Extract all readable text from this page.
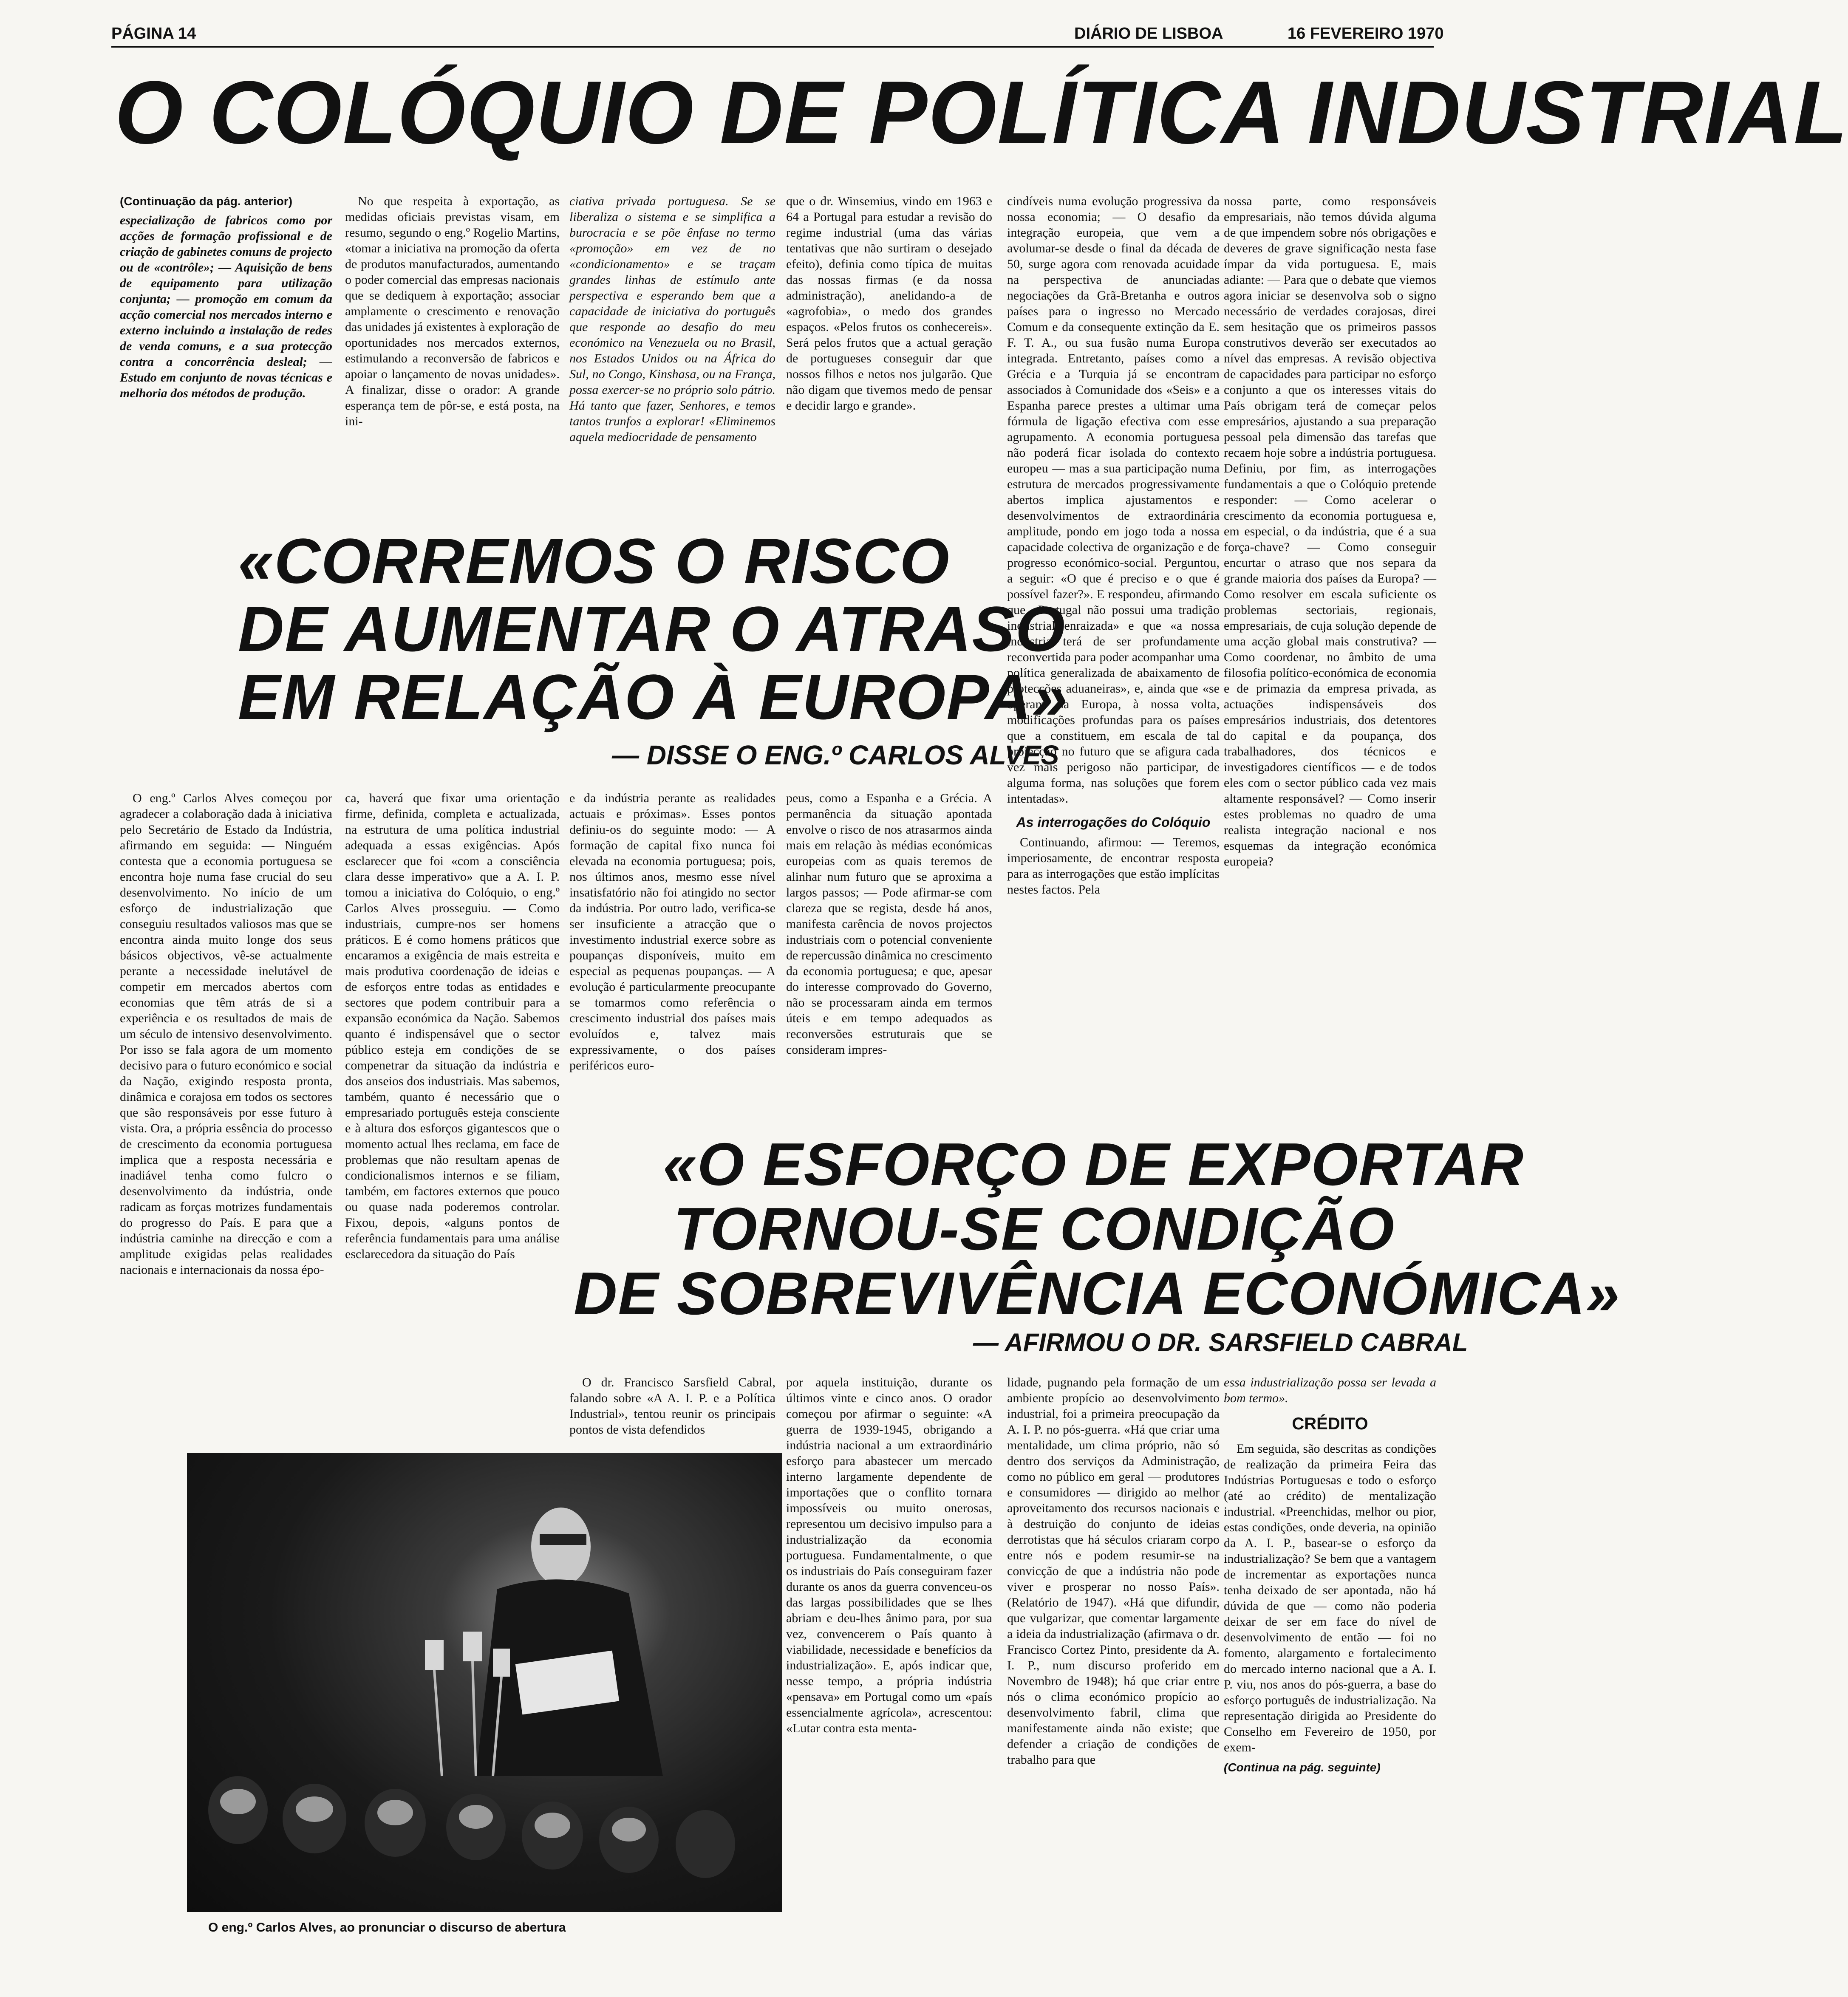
PÁGINA 14	DIÁRIO DE LISBOA	16 FEVEREIRO 1970
O COLÓQUIO DE POLÍTICA INDUSTRIAL

(Continuação da pág. anterior)

especialização de fabricos como por acções de formação profissional e de criação de gabinetes comuns de projecto ou de «contrôle»; — Aquisição de bens de equipamento para utilização conjunta; — promoção em comum da acção comercial nos mercados interno e externo incluindo a instalação de redes de venda comuns, e a sua protecção contra a concorrência desleal; — Estudo em conjunto de novas técnicas e melhoria dos métodos de produção.

No que respeita à exportação, as medidas oficiais previstas visam, em resumo, segundo o eng.º Rogelio Martins, «tomar a iniciativa na promoção da oferta de produtos manufacturados, aumentando o poder comercial das empresas nacionais que se dediquem à exportação; associar amplamente o crescimento e renovação das unidades já existentes à exploração de oportunidades nos mercados externos, estimulando a reconversão de fabricos e apoiar o lançamento de novas unidades». A finalizar, disse o orador: A grande esperança tem de pôr-se, e está posta, na ini-

ciativa privada portuguesa. Se se liberaliza o sistema e se simplifica a burocracia e se põe ênfase no termo «promoção» em vez de no «condicionamento» e se traçam grandes linhas de estímulo ante perspectiva e esperando bem que a capacidade de iniciativa do português que responde ao desafio do meu económico na Venezuela ou no Brasil, nos Estados Unidos ou na África do Sul, no Congo, Kinshasa, ou na França, possa exercer-se no próprio solo pátrio. Há tanto que fazer, Senhores, e temos tantos trunfos a explorar! «Eliminemos aquela mediocridade de pensamento

que o dr. Winsemius, vindo em 1963 e 64 a Portugal para estudar a revisão do regime industrial (uma das várias tentativas que não surtiram o desejado efeito), definia como típica de muitas das nossas firmas (e da nossa administração), anelidando-a de «agrofobia», o medo dos grandes espaços. «Pelos frutos os conhecereis». Será pelos frutos que a actual geração de portugueses conseguir dar que nossos filhos e netos nos julgarão. Que não digam que tivemos medo de pensar e decidir largo e grande».

cindíveis numa evolução progressiva da nossa economia; — O desafio da integração europeia, que vem a avolumar-se desde o final da década de 50, surge agora com renovada acuidade na perspectiva de anunciadas negociações da Grã-Bretanha e outros países para o ingresso no Mercado Comum e da consequente extinção da E. F. T. A., ou sua fusão numa Europa integrada. Entretanto, países como a Grécia e a Turquia já se encontram associados à Comunidade dos «Seis» e a Espanha parece prestes a ultimar uma fórmula de ligação efectiva com esse agrupamento. A economia portuguesa não poderá ficar isolada do contexto europeu — mas a sua participação numa estrutura de mercados progressivamente abertos implica ajustamentos e desenvolvimentos de extraordinária amplitude, pondo em jogo toda a nossa capacidade colectiva de organização e de progresso económico-social. Perguntou, a seguir: «O que é preciso e o que é possível fazer?». E respondeu, afirmando que «Portugal não possui uma tradição industrial enraizada» e que «a nossa indústria terá de ser profundamente reconvertida para poder acompanhar uma política generalizada de abaixamento de protecções aduaneiras», e, ainda que «se operam na Europa, à nossa volta, modificações profundas para os países que a constituem, em escala de tal projecção no futuro que se afigura cada vez mais perigoso não participar, de alguma forma, nas soluções que forem intentadas».

As interrogações do Colóquio

Continuando, afirmou: — Teremos, imperiosamente, de encontrar resposta para as interrogações que estão implícitas nestes factos. Pela

nossa parte, como responsáveis empresariais, não temos dúvida alguma de que impendem sobre nós obrigações e deveres de grave significação nesta fase ímpar da vida portuguesa. E, mais adiante: — Para que o debate que viemos agora iniciar se desenvolva sob o signo necessário de verdades corajosas, direi sem hesitação que os primeiros passos construtivos deverão ser executados ao nível das empresas. A revisão objectiva de capacidades para participar no esforço conjunto a que os interesses vitais do País obrigam terá de começar pelos empresários, ajustando a sua preparação pessoal pela dimensão das tarefas que recaem hoje sobre a indústria portuguesa. Definiu, por fim, as interrogações fundamentais a que o Colóquio pretende responder: — Como acelerar o crescimento da economia portuguesa e, em especial, o da indústria, que é a sua força-chave? — Como conseguir encurtar o atraso que nos separa da grande maioria dos países da Europa? — Como resolver em escala suficiente os problemas sectoriais, regionais, empresariais, de cuja solução depende de uma acção global mais construtiva? — Como coordenar, no âmbito de uma filosofia político-económica de economia e de primazia da empresa privada, as actuações indispensáveis dos empresários industriais, dos detentores do capital e da poupança, dos trabalhadores, dos técnicos e investigadores científicos — e de todos eles com o sector público cada vez mais altamente responsável? — Como inserir estes problemas no quadro de uma realista integração nacional e nos esquemas da integração económica europeia?

«CORREMOS O RISCO
DE AUMENTAR O ATRASO
EM RELAÇÃO À EUROPA»
— DISSE O ENG.º CARLOS ALVES

O eng.º Carlos Alves começou por agradecer a colaboração dada à iniciativa pelo Secretário de Estado da Indústria, afirmando em seguida: — Ninguém contesta que a economia portuguesa se encontra hoje numa fase crucial do seu desenvolvimento. No início de um esforço de industrialização que conseguiu resultados valiosos mas que se encontra ainda muito longe dos seus básicos objectivos, vê-se actualmente perante a necessidade inelutável de competir em mercados abertos com economias que têm atrás de si a experiência e os resultados de mais de um século de intensivo desenvolvimento. Por isso se fala agora de um momento decisivo para o futuro económico e social da Nação, exigindo resposta pronta, dinâmica e corajosa em todos os sectores que são responsáveis por esse futuro à vista. Ora, a própria essência do processo de crescimento da economia portuguesa implica que a resposta necessária e inadiável tenha como fulcro o desenvolvimento da indústria, onde radicam as forças motrizes fundamentais do progresso do País. E para que a indústria caminhe na direcção e com a amplitude exigidas pelas realidades nacionais e internacionais da nossa épo-

ca, haverá que fixar uma orientação firme, definida, completa e actualizada, na estrutura de uma política industrial adequada a essas exigências. Após esclarecer que foi «com a consciência clara desse imperativo» que a A. I. P. tomou a iniciativa do Colóquio, o eng.º Carlos Alves prosseguiu. — Como industriais, cumpre-nos ser homens práticos. E é como homens práticos que encaramos a exigência de mais estreita e mais produtiva coordenação de ideias e de esforços entre todas as entidades e sectores que podem contribuir para a expansão económica da Nação. Sabemos quanto é indispensável que o sector público esteja em condições de se compenetrar da situação da indústria e dos anseios dos industriais. Mas sabemos, também, quanto é necessário que o empresariado português esteja consciente e à altura dos esforços gigantescos que o momento actual lhes reclama, em face de problemas que não resultam apenas de condicionalismos internos e se filiam, também, em factores externos que pouco ou quase nada poderemos controlar. Fixou, depois, «alguns pontos de referência fundamentais para uma análise esclarecedora da situação do País

e da indústria perante as realidades actuais e próximas». Esses pontos definiu-os do seguinte modo: — A formação de capital fixo nunca foi elevada na economia portuguesa; pois, nos últimos anos, mesmo esse nível insatisfatório não foi atingido no sector da indústria. Por outro lado, verifica-se ser insuficiente a atracção que o investimento industrial exerce sobre as poupanças disponíveis, muito em especial as pequenas poupanças. — A evolução é particularmente preocupante se tomarmos como referência o crescimento industrial dos países mais evoluídos e, talvez mais expressivamente, o dos países periféricos euro-

peus, como a Espanha e a Grécia. A permanência da situação apontada envolve o risco de nos atrasarmos ainda mais em relação às médias económicas europeias com as quais teremos de alinhar num futuro que se aproxima a largos passos; — Pode afirmar-se com clareza que se regista, desde há anos, manifesta carência de novos projectos industriais com o potencial conveniente de repercussão dinâmica no crescimento da economia portuguesa; e que, apesar do interesse comprovado do Governo, não se processaram ainda em termos úteis e em tempo adequados as reconversões estruturais que se consideram impres-

«O ESFORÇO DE EXPORTAR
TORNOU-SE CONDIÇÃO
DE SOBREVIVÊNCIA ECONÓMICA»
— AFIRMOU O DR. SARSFIELD CABRAL

O dr. Francisco Sarsfield Cabral, falando sobre «A A. I. P. e a Política Industrial», tentou reunir os principais pontos de vista defendidos

por aquela instituição, durante os últimos vinte e cinco anos. O orador começou por afirmar o seguinte: «A guerra de 1939-1945, obrigando a indústria nacional a um extraordinário esforço para abastecer um mercado interno largamente dependente de importações que o conflito tornara impossíveis ou muito onerosas, representou um decisivo impulso para a industrialização da economia portuguesa. Fundamentalmente, o que os industriais do País conseguiram fazer durante os anos da guerra convenceu-os das largas possibilidades que se lhes abriam e deu-lhes ânimo para, por sua vez, convencerem o País quanto à viabilidade, necessidade e benefícios da industrialização». E, após indicar que, nesse tempo, a própria indústria «pensava» em Portugal como um «país essencialmente agrícola», acrescentou: «Lutar contra esta menta-

lidade, pugnando pela formação de um ambiente propício ao desenvolvimento industrial, foi a primeira preocupação da A. I. P. no pós-guerra. «Há que criar uma mentalidade, um clima próprio, não só dentro dos serviços da Administração, como no público em geral — produtores e consumidores — dirigido ao melhor aproveitamento dos recursos nacionais e à destruição do conjunto de ideias derrotistas que há séculos criaram corpo entre nós e podem resumir-se na convicção de que a indústria não pode viver e prosperar no nosso País». (Relatório de 1947). «Há que difundir, que vulgarizar, que comentar largamente a ideia da industrialização (afirmava o dr. Francisco Cortez Pinto, presidente da A. I. P., num discurso proferido em Novembro de 1948); há que criar entre nós o clima económico propício ao desenvolvimento fabril, clima que manifestamente ainda não existe; que defender a criação de condições de trabalho para que

essa industrialização possa ser levada a bom termo».

CRÉDITO

Em seguida, são descritas as condições de realização da primeira Feira das Indústrias Portuguesas e todo o esforço (até ao crédito) de mentalização industrial. «Preenchidas, melhor ou pior, estas condições, onde deveria, na opinião da A. I. P., basear-se o esforço da industrialização? Se bem que a vantagem de incrementar as exportações nunca tenha deixado de ser apontada, não há dúvida de que — como não poderia deixar de ser em face do nível de desenvolvimento de então — foi no fomento, alargamento e fortalecimento do mercado interno nacional que a A. I. P. viu, nos anos do pós-guerra, a base do esforço português de industrialização. Na representação dirigida ao Presidente do Conselho em Fevereiro de 1950, por exem-

(Continua na pág. seguinte)

O eng.º Carlos Alves, ao pronunciar o discurso de abertura
